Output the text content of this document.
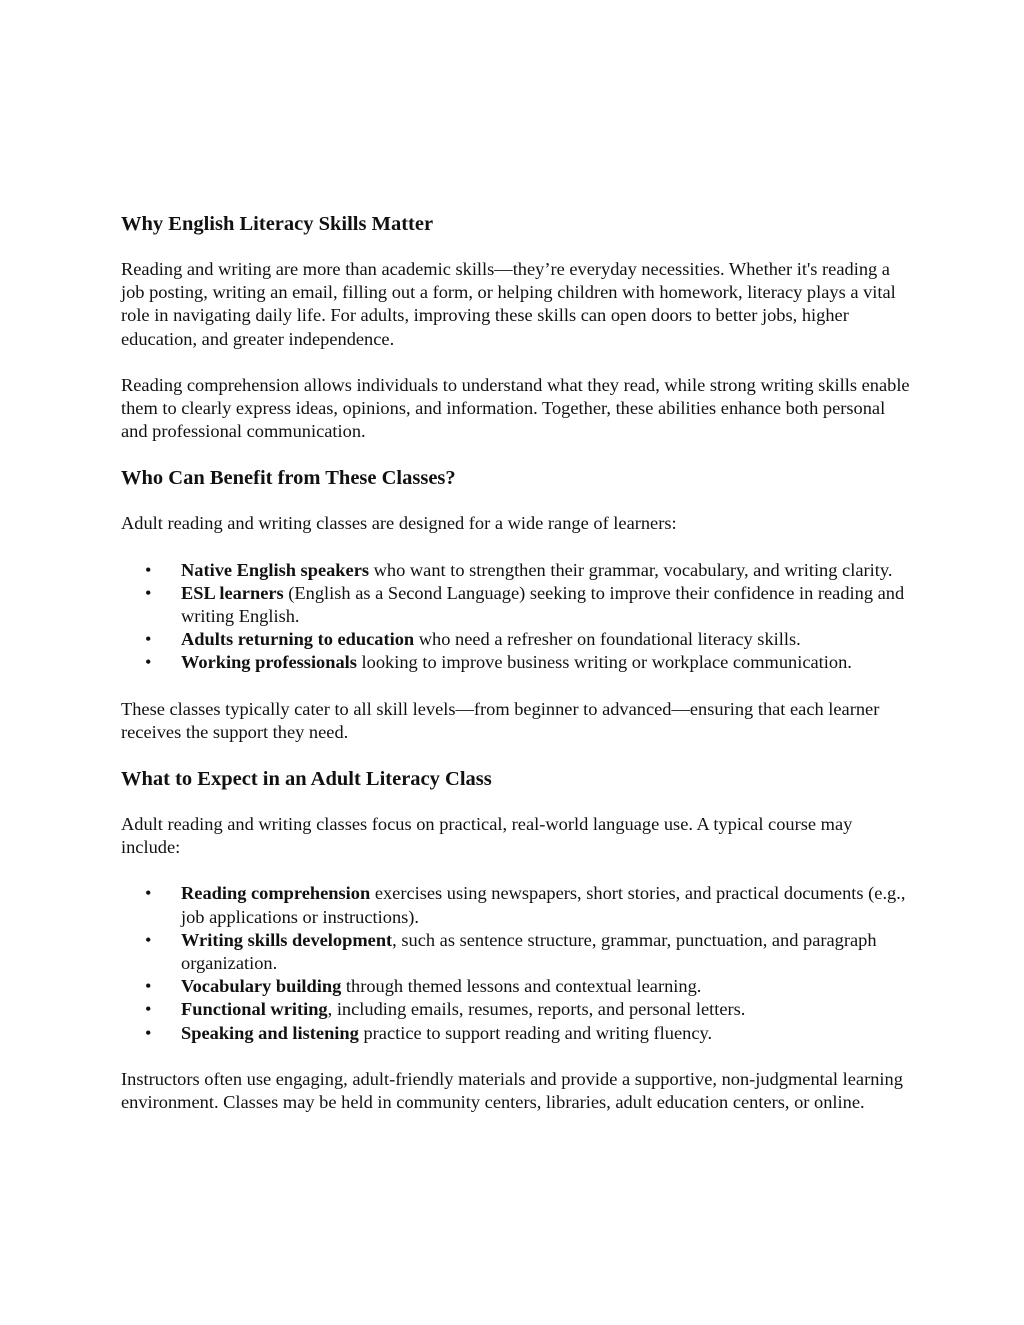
Why English Literacy Skills Matter

Reading and writing are more than academic skills—they’re everyday necessities. Whether it's reading a job posting, writing an email, filling out a form, or helping children with homework, literacy plays a vital role in navigating daily life. For adults, improving these skills can open doors to better jobs, higher education, and greater independence.

Reading comprehension allows individuals to understand what they read, while strong writing skills enable them to clearly express ideas, opinions, and information. Together, these abilities enhance both personal and professional communication.

Who Can Benefit from These Classes?

Adult reading and writing classes are designed for a wide range of learners:

• Native English speakers who want to strengthen their grammar, vocabulary, and writing clarity.
• ESL learners (English as a Second Language) seeking to improve their confidence in reading and writing English.
• Adults returning to education who need a refresher on foundational literacy skills.
• Working professionals looking to improve business writing or workplace communication.

These classes typically cater to all skill levels—from beginner to advanced—ensuring that each learner receives the support they need.

What to Expect in an Adult Literacy Class

Adult reading and writing classes focus on practical, real-world language use. A typical course may include:

• Reading comprehension exercises using newspapers, short stories, and practical documents (e.g., job applications or instructions).
• Writing skills development, such as sentence structure, grammar, punctuation, and paragraph organization.
• Vocabulary building through themed lessons and contextual learning.
• Functional writing, including emails, resumes, reports, and personal letters.
• Speaking and listening practice to support reading and writing fluency.

Instructors often use engaging, adult-friendly materials and provide a supportive, non-judgmental learning environment. Classes may be held in community centers, libraries, adult education centers, or online.
